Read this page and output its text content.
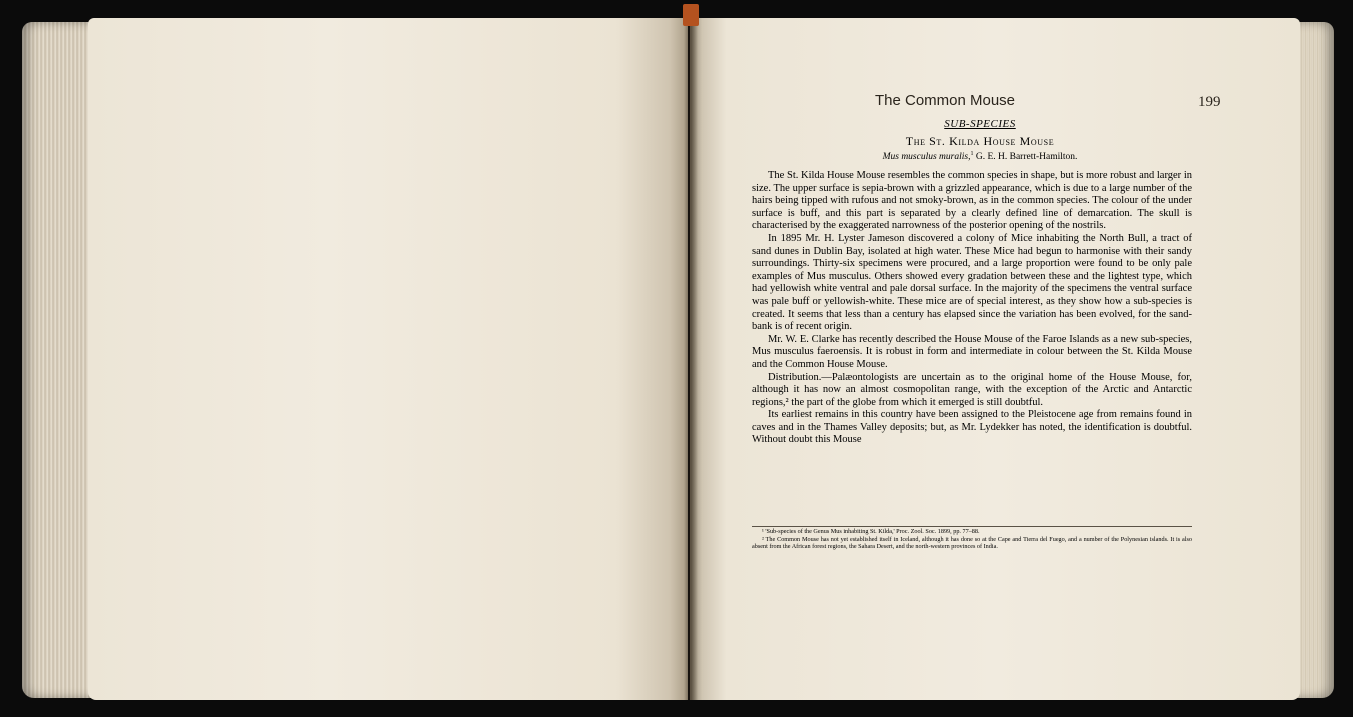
The Common Mouse	199
SUB-SPECIES
The St. Kilda House Mouse
Mus musculus muralis,$^1$ G. E. H. Barrett-Hamilton.

The St. Kilda House Mouse resembles the common species in shape, but is more robust and larger in size. The upper surface is sepia-brown with a grizzled appearance, which is due to a large number of the hairs being tipped with rufous and not smoky-brown, as in the common species. The colour of the under surface is buff, and this part is separated by a clearly defined line of demarcation. The skull is characterised by the exaggerated narrowness of the posterior opening of the nostrils.

In 1895 Mr. H. Lyster Jameson discovered a colony of Mice inhabiting the North Bull, a tract of sand dunes in Dublin Bay, isolated at high water. These Mice had begun to harmonise with their sandy surroundings. Thirty-six specimens were procured, and a large proportion were found to be only pale examples of Mus musculus. Others showed every gradation between these and the lightest type, which had yellowish white ventral and pale dorsal surface. In the majority of the specimens the ventral surface was pale buff or yellowish-white. These mice are of special interest, as they show how a sub-species is created. It seems that less than a century has elapsed since the variation has been evolved, for the sand-bank is of recent origin.

Mr. W. E. Clarke has recently described the House Mouse of the Faroe Islands as a new sub-species, Mus musculus faeroensis. It is robust in form and intermediate in colour between the St. Kilda Mouse and the Common House Mouse.

Distribution.—Palæontologists are uncertain as to the original home of the House Mouse, for, although it has now an almost cosmopolitan range, with the exception of the Arctic and Antarctic regions,² the part of the globe from which it emerged is still doubtful.

Its earliest remains in this country have been assigned to the Pleistocene age from remains found in caves and in the Thames Valley deposits; but, as Mr. Lydekker has noted, the identification is doubtful. Without doubt this Mouse

¹ 'Sub-species of the Genus Mus inhabiting St. Kilda,' Proc. Zool. Soc. 1899, pp. 77–88.

² The Common Mouse has not yet established itself in Iceland, although it has done so at the Cape and Tierra del Fuego, and a number of the Polynesian islands. It is also absent from the African forest regions, the Sahara Desert, and the north-western provinces of India.
